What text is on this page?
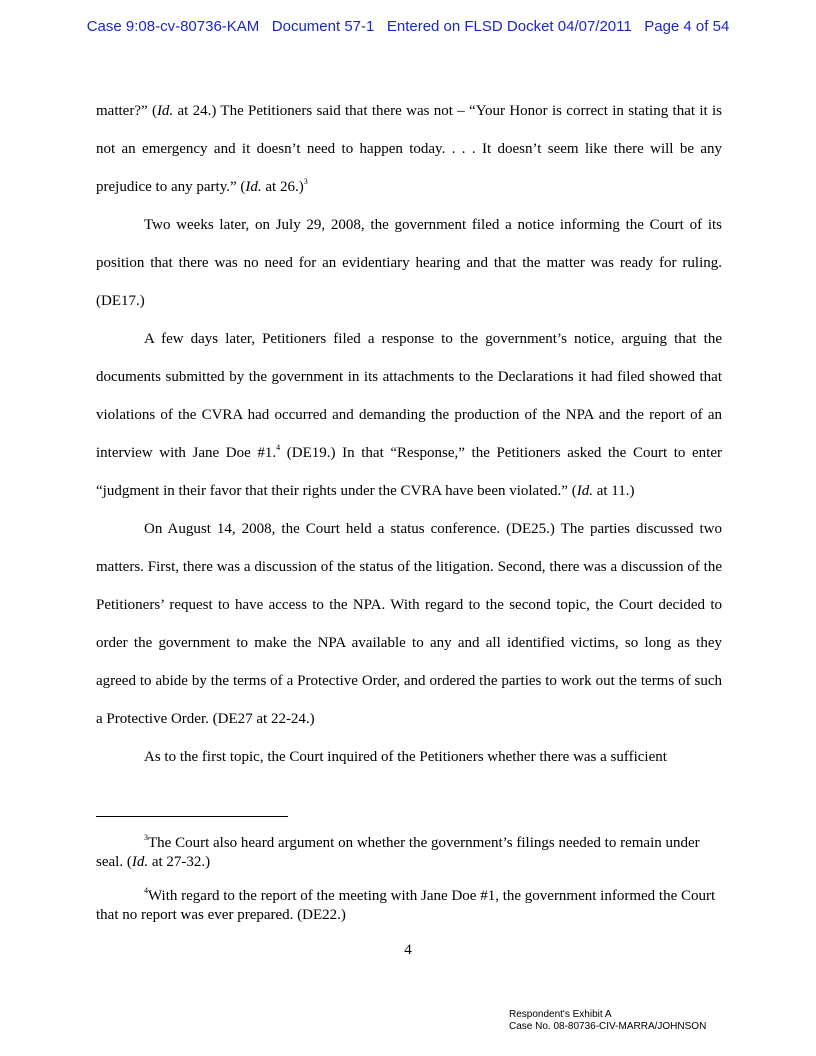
Case 9:08-cv-80736-KAM   Document 57-1   Entered on FLSD Docket 04/07/2011   Page 4 of 54

matter?” (Id. at 24.) The Petitioners said that there was not – “Your Honor is correct in stating that it is not an emergency and it doesn’t need to happen today. . . . It doesn’t seem like there will be any prejudice to any party.” (Id. at 26.)$^3$

Two weeks later, on July 29, 2008, the government filed a notice informing the Court of its position that there was no need for an evidentiary hearing and that the matter was ready for ruling. (DE17.)

A few days later, Petitioners filed a response to the government’s notice, arguing that the documents submitted by the government in its attachments to the Declarations it had filed showed that violations of the CVRA had occurred and demanding the production of the NPA and the report of an interview with Jane Doe #1.$^4$ (DE19.) In that “Response,” the Petitioners asked the Court to enter “judgment in their favor that their rights under the CVRA have been violated.” (Id. at 11.)

On August 14, 2008, the Court held a status conference. (DE25.) The parties discussed two matters. First, there was a discussion of the status of the litigation. Second, there was a discussion of the Petitioners’ request to have access to the NPA. With regard to the second topic, the Court decided to order the government to make the NPA available to any and all identified victims, so long as they agreed to abide by the terms of a Protective Order, and ordered the parties to work out the terms of such a Protective Order. (DE27 at 22-24.)

As to the first topic, the Court inquired of the Petitioners whether there was a sufficient

$^3$The Court also heard argument on whether the government’s filings needed to remain under seal. (Id. at 27-32.)

$^4$With regard to the report of the meeting with Jane Doe #1, the government informed the Court that no report was ever prepared. (DE22.)

4
Respondent's Exhibit A
Case No. 08-80736-CIV-MARRA/JOHNSON
